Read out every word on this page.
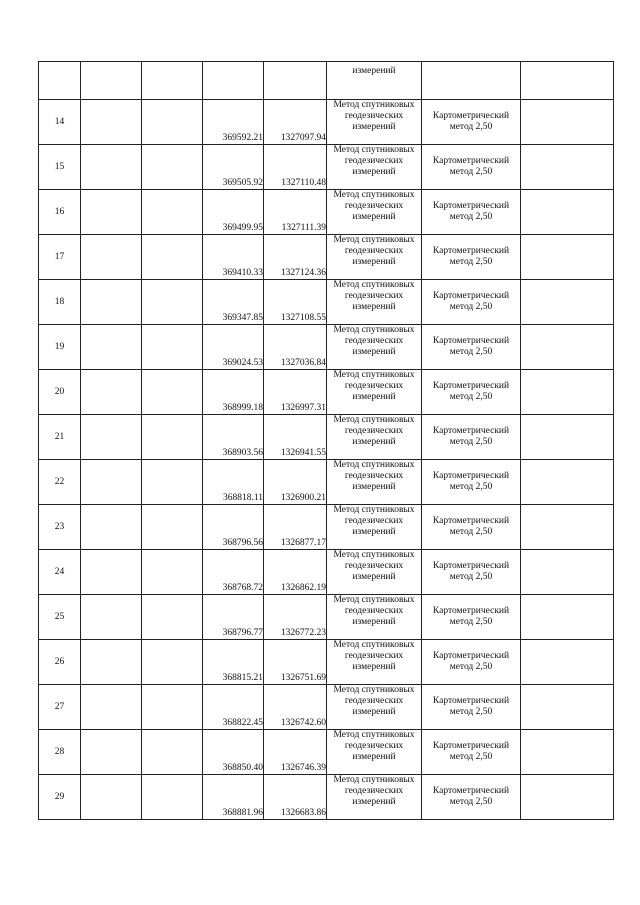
					измерений		

14			369592.21	1327097.94	Метод спутниковых
геодезических
измерений	Картометрический
метод 2,50	

15			369505.92	1327110.48	Метод спутниковых
геодезических
измерений	Картометрический
метод 2,50	

16			369499.95	1327111.39	Метод спутниковых
геодезических
измерений	Картометрический
метод 2,50	

17			369410.33	1327124.36	Метод спутниковых
геодезических
измерений	Картометрический
метод 2,50	

18			369347.85	1327108.55	Метод спутниковых
геодезических
измерений	Картометрический
метод 2,50	

19			369024.53	1327036.84	Метод спутниковых
геодезических
измерений	Картометрический
метод 2,50	

20			368999.18	1326997.31	Метод спутниковых
геодезических
измерений	Картометрический
метод 2,50	

21			368903.56	1326941.55	Метод спутниковых
геодезических
измерений	Картометрический
метод 2,50	

22			368818.11	1326900.21	Метод спутниковых
геодезических
измерений	Картометрический
метод 2,50	

23			368796.56	1326877.17	Метод спутниковых
геодезических
измерений	Картометрический
метод 2,50	

24			368768.72	1326862.19	Метод спутниковых
геодезических
измерений	Картометрический
метод 2,50	

25			368796.77	1326772.23	Метод спутниковых
геодезических
измерений	Картометрический
метод 2,50	

26			368815.21	1326751.69	Метод спутниковых
геодезических
измерений	Картометрический
метод 2,50	

27			368822.45	1326742.60	Метод спутниковых
геодезических
измерений	Картометрический
метод 2,50	

28			368850.40	1326746.39	Метод спутниковых
геодезических
измерений	Картометрический
метод 2,50	

29			368881.96	1326683.86	Метод спутниковых
геодезических
измерений	Картометрический
метод 2,50	
